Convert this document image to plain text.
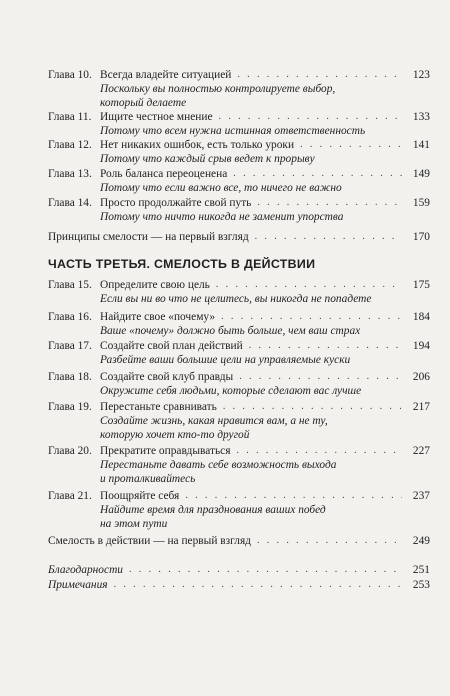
Глава 10. Всегда владейте ситуацией . . .	123
Поскольку вы полностью контролируете выбор,
который делаете
Глава 11. Ищите честное мнение . . .	133
Потому что всем нужна истинная ответственность
Глава 12. Нет никаких ошибок, есть только уроки . . .	141
Потому что каждый срыв ведет к прорыву
Глава 13. Роль баланса переоценена . . .	149
Потому что если важно все, то ничего не важно
Глава 14. Просто продолжайте свой путь . . .	159
Потому что ничто никогда не заменит упорства
Принципы смелости — на первый взгляд . . .	170
ЧАСТЬ ТРЕТЬЯ. СМЕЛОСТЬ В ДЕЙСТВИИ
Глава 15. Определите свою цель . . .	175
Если вы ни во что не целитесь, вы никогда не попадете
Глава 16. Найдите свое «почему» . . .	184
Ваше «почему» должно быть больше, чем ваш страх
Глава 17. Создайте свой план действий . . .	194
Разбейте ваши большие цели на управляемые куски
Глава 18. Создайте свой клуб правды . . .	206
Окружите себя людьми, которые сделают вас лучше
Глава 19. Перестаньте сравнивать . . .	217
Создайте жизнь, какая нравится вам, а не ту,
которую хочет кто-то другой
Глава 20. Прекратите оправдываться . . .	227
Перестаньте давать себе возможность выхода
и проталкивайтесь
Глава 21. Поощряйте себя . . .	237
Найдите время для празднования ваших побед
на этом пути
Смелость в действии — на первый взгляд . . .	249
Благодарности . . .	251
Примечания . . .	253
